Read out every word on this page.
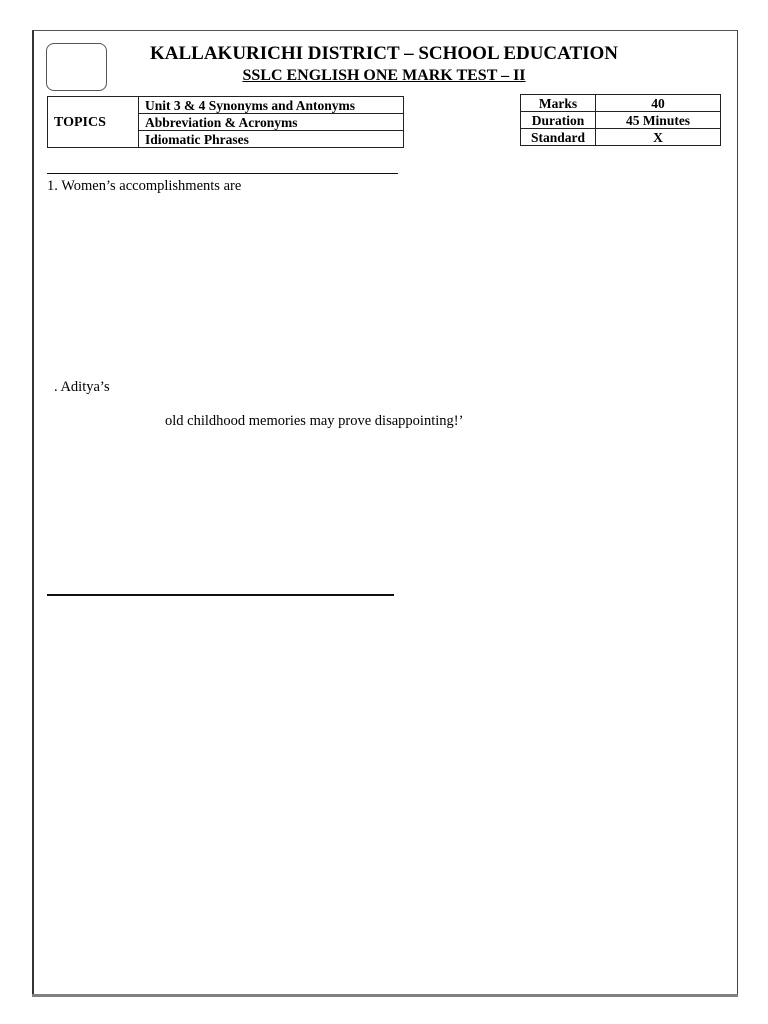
KALLAKURICHI DISTRICT – SCHOOL EDUCATION
SSLC ENGLISH ONE MARK TEST – II
TOPICS	Unit 3 & 4 Synonyms and Antonyms
Abbreviation & Acronyms
Idiomatic Phrases
Marks	40
Duration	45 Minutes
Standard	X
1. Women’s accomplishments are
. Aditya’s
old childhood memories may prove disappointing!’
